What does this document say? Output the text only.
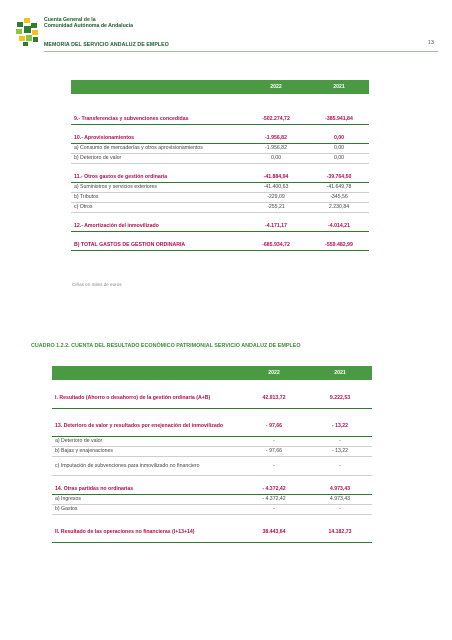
Cuenta General de la
Comunidad Autónoma de Andalucía
MEMORIA DEL SERVICIO ANDALUZ DE EMPLEO	13
	2022	2021

9.- Transferencias y subvenciones concedidas	-502.274,72	-385.941,84

10.- Aprovisionamientos	-1.956,82	0,00
a) Consumo de mercaderías y otros aprovisionamientos	-1.956,82	0,00
b) Deterioro de valor	0,00	0,00

11.- Otros gastos de gestión ordinaria	-41.884,94	-39.764,50
a) Suministros y servicios exteriores	-41.400,63	-41.649,78
b) Tributos	-229,09	-345,56
c) Otros	-255,21	2.230,84

12.- Amortización del inmovilizado	-4.171,17	-4.014,21

B) TOTAL GASTOS DE GESTION ORDINARIA	-685.934,72	-559.482,99
Cifras en miles de euros
CUADRO 1.2.2. CUENTA DEL RESULTADO ECONÓMICO PATRIMONIAL SERVICIO ANDALUZ DE EMPLEO
	2022	2021

I. Resultado (Ahorro o desahorro) de la gestión ordinaria (A+B)	42.913,72	9.222,53

13. Deterioro de valor y resultados por enejenación del inmovilizado	- 97,66	- 13,22
a) Deterioro de valor	-	-
b) Bajas y enajenaciones	- 97,66	- 13,22
c) Imputación de subvenciones para inmovilizado no financiero	-	-

14. Otras partidas no ordinarias	- 4.372,42	4.973,43
a) Ingresos	- 4.372,42	4.973,43
b) Gastos	-	-

II. Resultado de las operaciones no financieras (I+13+14)	38.443,64	14.182,73
